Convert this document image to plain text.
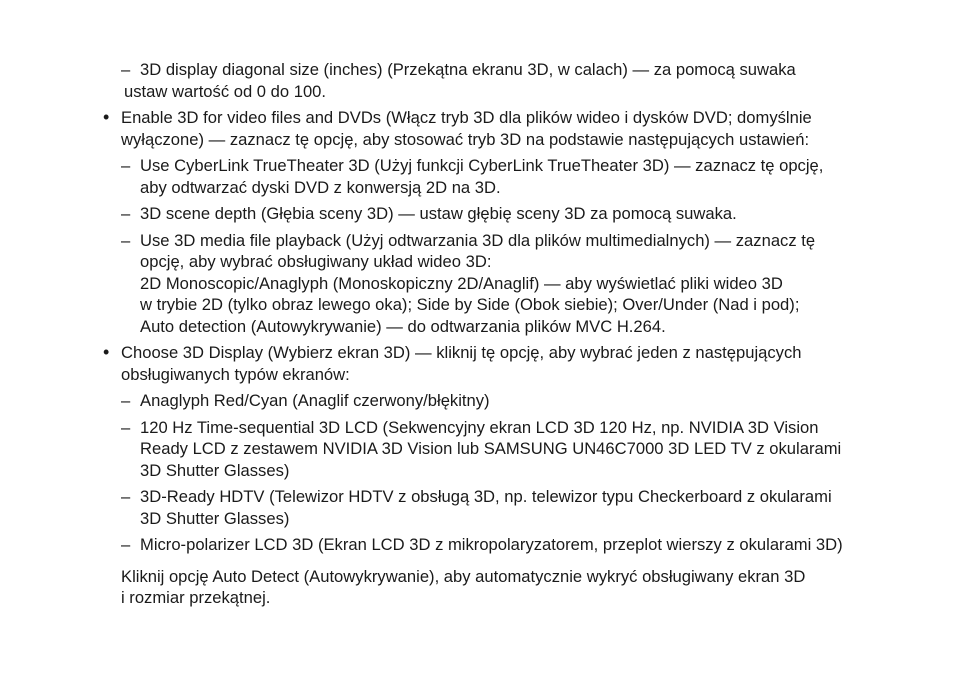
– 3D display diagonal size (inches) (Przekątna ekranu 3D, w calach) — za pomocą suwaka
ustaw wartość od 0 do 100.
• Enable 3D for video files and DVDs (Włącz tryb 3D dla plików wideo i dysków DVD; domyślnie
wyłączone) — zaznacz tę opcję, aby stosować tryb 3D na podstawie następujących ustawień:
– Use CyberLink TrueTheater 3D (Użyj funkcji CyberLink TrueTheater 3D) — zaznacz tę opcję,
aby odtwarzać dyski DVD z konwersją 2D na 3D.
– 3D scene depth (Głębia sceny 3D) — ustaw głębię sceny 3D za pomocą suwaka.
– Use 3D media file playback (Użyj odtwarzania 3D dla plików multimedialnych) — zaznacz tę
opcję, aby wybrać obsługiwany układ wideo 3D:
2D Monoscopic/Anaglyph (Monoskopiczny 2D/Anaglif) — aby wyświetlać pliki wideo 3D
w trybie 2D (tylko obraz lewego oka); Side by Side (Obok siebie); Over/Under (Nad i pod);
Auto detection (Autowykrywanie) — do odtwarzania plików MVC H.264.
• Choose 3D Display (Wybierz ekran 3D) — kliknij tę opcję, aby wybrać jeden z następujących
obsługiwanych typów ekranów:
– Anaglyph Red/Cyan (Anaglif czerwony/błękitny)
– 120 Hz Time-sequential 3D LCD (Sekwencyjny ekran LCD 3D 120 Hz, np. NVIDIA 3D Vision
Ready LCD z zestawem NVIDIA 3D Vision lub SAMSUNG UN46C7000 3D LED TV z okularami
3D Shutter Glasses)
– 3D-Ready HDTV (Telewizor HDTV z obsługą 3D, np. telewizor typu Checkerboard z okularami
3D Shutter Glasses)
– Micro-polarizer LCD 3D (Ekran LCD 3D z mikropolaryzatorem, przeplot wierszy z okularami 3D)
Kliknij opcję Auto Detect (Autowykrywanie), aby automatycznie wykryć obsługiwany ekran 3D
i rozmiar przekątnej.
